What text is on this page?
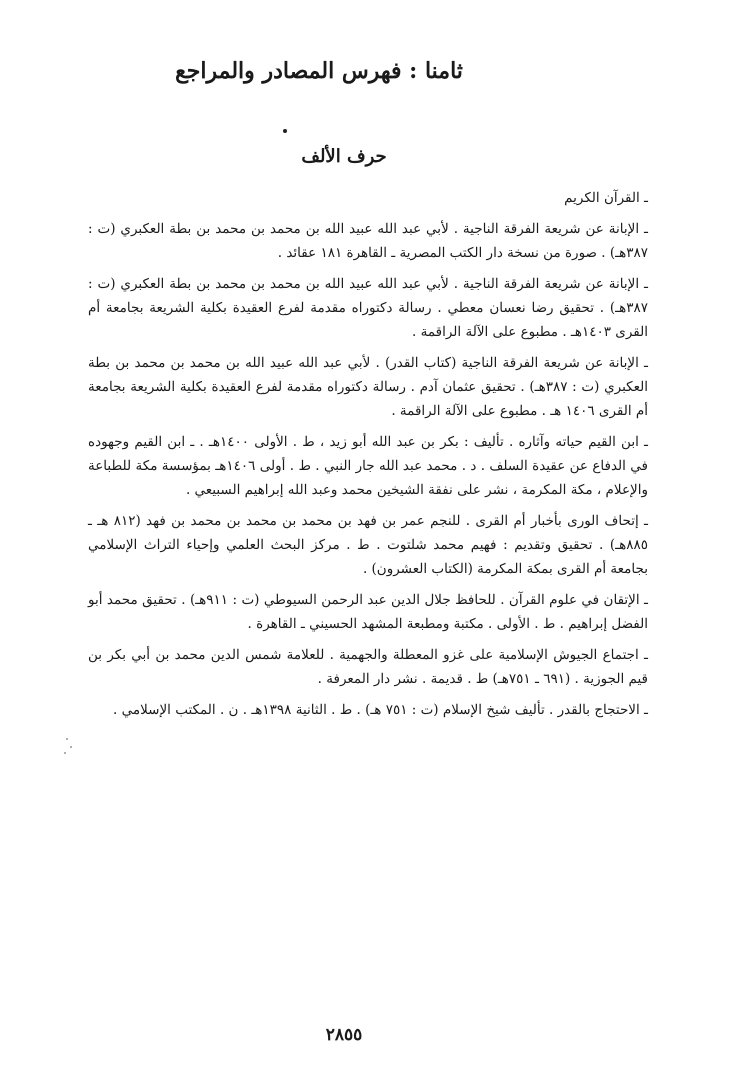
ثامنا : فهرس المصادر والمراجع
حرف الألف

ـ القرآن الكريم

ـ الإبانة عن شريعة الفرقة الناجية . لأبي عبد الله عبيد الله بن محمد بن محمد بن بطة العكبري (ت : ٣٨٧هـ) . صورة من نسخة دار الكتب المصرية ـ القاهرة ١٨١ عقائد .

ـ الإبانة عن شريعة الفرقة الناجية . لأبي عبد الله عبيد الله بن محمد بن محمد بن بطة العكبري (ت : ٣٨٧هـ) . تحقيق رضا نعسان معطي . رسالة دكتوراه مقدمة لفرع العقيدة بكلية الشريعة بجامعة أم القرى ١٤٠٣هـ . مطبوع على الآلة الراقمة .

ـ الإبانة عن شريعة الفرقة الناجية (كتاب القدر) . لأبي عبد الله عبيد الله بن محمد بن محمد بن بطة العكبري (ت : ٣٨٧هـ) . تحقيق عثمان آدم . رسالة دكتوراه مقدمة لفرع العقيدة بكلية الشريعة بجامعة أم القرى ١٤٠٦ هـ . مطبوع على الآلة الراقمة .

ـ ابن القيم حياته وآثاره . تأليف : بكر بن عبد الله أبو زيد ، ط . الأولى ١٤٠٠هـ . ـ ابن القيم وجهوده في الدفاع عن عقيدة السلف . د . محمد عبد الله جار النبي . ط . أولى ١٤٠٦هـ بمؤسسة مكة للطباعة والإعلام ، مكة المكرمة ، نشر على نفقة الشيخين محمد وعبد الله إبراهيم السبيعي .

ـ إتحاف الورى بأخبار أم القرى . للنجم عمر بن فهد بن محمد بن محمد بن محمد بن فهد (٨١٢ هـ ـ ٨٨٥هـ) . تحقيق وتقديم : فهيم محمد شلتوت . ط . مركز البحث العلمي وإحياء التراث الإسلامي بجامعة أم القرى بمكة المكرمة (الكتاب العشرون) .

ـ الإتقان في علوم القرآن . للحافظ جلال الدين عبد الرحمن السيوطي (ت : ٩١١هـ) . تحقيق محمد أبو الفضل إبراهيم . ط . الأولى . مكتبة ومطبعة المشهد الحسيني ـ القاهرة .

ـ اجتماع الجيوش الإسلامية على غزو المعطلة والجهمية . للعلامة شمس الدين محمد بن أبي بكر بن قيم الجوزية . (٦٩١ ـ ٧٥١هـ) ط . قديمة . نشر دار المعرفة .

ـ الاحتجاج بالقدر . تأليف شيخ الإسلام (ت : ٧٥١ هـ) . ط . الثانية ١٣٩٨هـ . ن . المكتب الإسلامي .

٢٨٥٥
